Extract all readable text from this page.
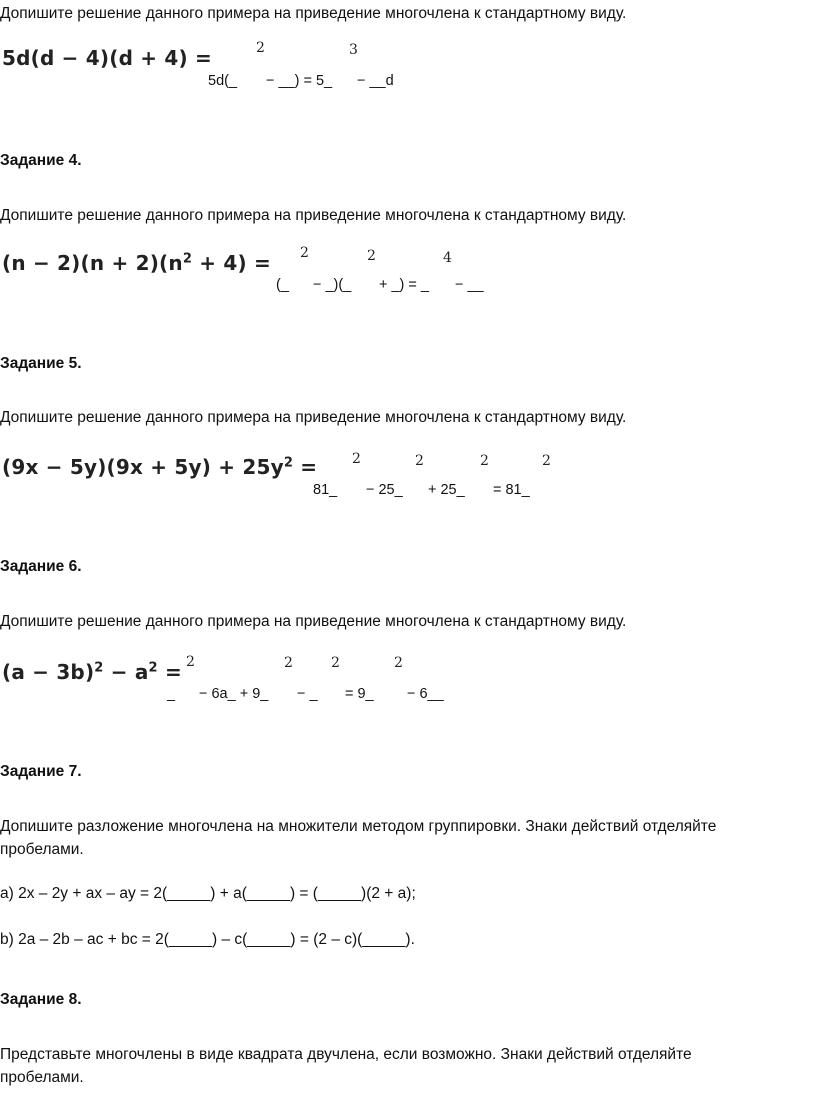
Допишите решение данного примера на приведение многочлена к стандартному виду.
5d(d − 4)(d + 4) =	2	3
5d(_ − __) = 5_ − __d
Задание 4.
Допишите решение данного примера на приведение многочлена к стандартному виду.
$(n - 2)(n + 2)(n^2 + 4) = 2$	2	4
(_ − _)(_ + _) = _ − __
Задание 5.
Допишите решение данного примера на приведение многочлена к стандартному виду.
$(9x - 5y)(9x + 5y) + 25y^2 = 2$	2	2	2
81_ − 25_ + 25_ = 81_
Задание 6.
Допишите решение данного примера на приведение многочлена к стандартному виду.
$(a - 3b)^2 - a^2 = 2$	2	2	2
_ − 6a_ + 9_ − _ = 9_ − 6__
Задание 7.
Допишите разложение многочлена на множители методом группировки. Знаки действий отделяйте
пробелами.
a) 2x – 2y + ax – ay = 2(_____) + a(_____) = (_____)(2 + a);
b) 2a – 2b – ac + bc = 2(_____) – c(_____) = (2 – c)(_____).
Задание 8.
Представьте многочлены в виде квадрата двучлена, если возможно. Знаки действий отделяйте
пробелами.
